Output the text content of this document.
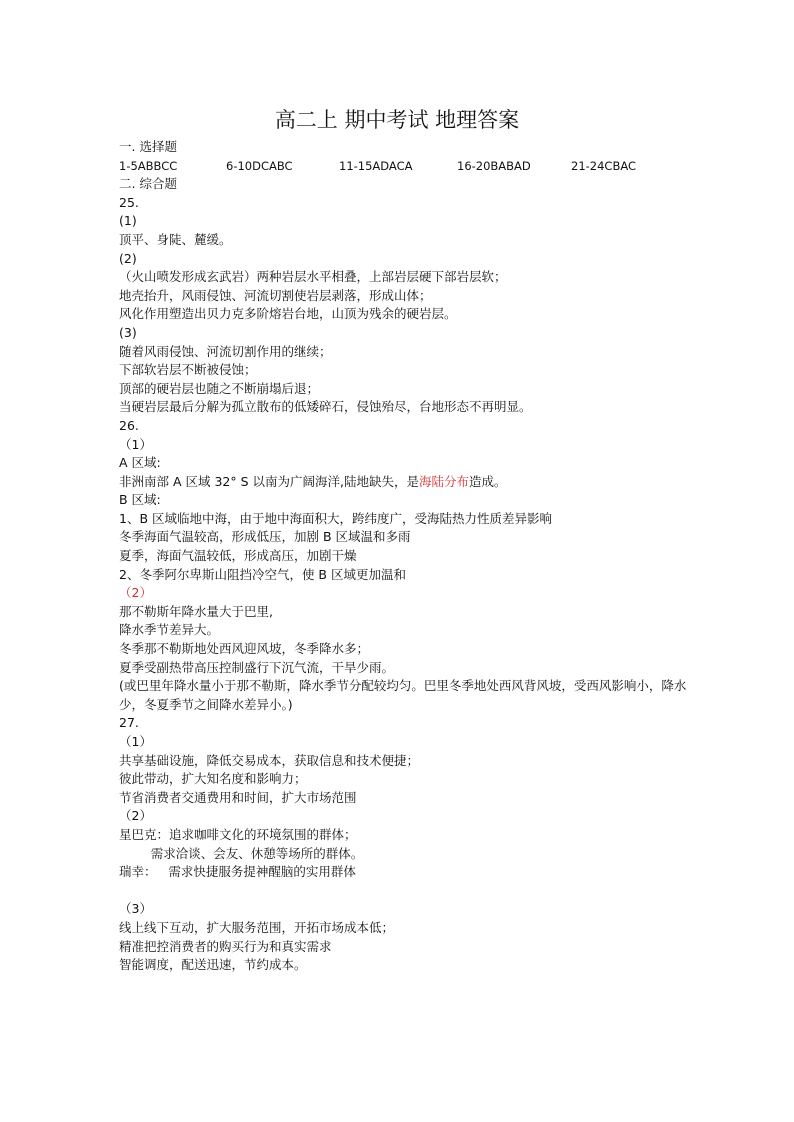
高二上 期中考试 地理答案
一. 选择题
1-5ABBCC	6-10DCABC	11-15ADACA	16-20BABAD	21-24CBAC
二. 综合题
25.
(1)
顶平、身陡、麓缓。
(2)
（火山喷发形成玄武岩）两种岩层水平相叠，上部岩层硬下部岩层软；
地壳抬升，风雨侵蚀、河流切割使岩层剥落，形成山体；
风化作用塑造出贝力克多阶熔岩台地，山顶为残余的硬岩层。
(3)
随着风雨侵蚀、河流切割作用的继续；
下部软岩层不断被侵蚀；
顶部的硬岩层也随之不断崩塌后退；
当硬岩层最后分解为孤立散布的低矮碎石，侵蚀殆尽，台地形态不再明显。
26.
（1）
A 区域:
非洲南部 A 区域 32° S 以南为广阔海洋,陆地缺失，是海陆分布造成。
B 区域:
1、B 区域临地中海，由于地中海面积大，跨纬度广，受海陆热力性质差异影响
冬季海面气温较高，形成低压，加剧 B 区域温和多雨
夏季，海面气温较低，形成高压，加剧干燥
2、冬季阿尔卑斯山阻挡冷空气，使 B 区域更加温和
（2）
那不勒斯年降水量大于巴里,
降水季节差异大。
冬季那不勒斯地处西风迎风坡，冬季降水多；
夏季受副热带高压控制盛行下沉气流，干旱少雨。
(或巴里年降水量小于那不勒斯，降水季节分配较均匀。巴里冬季地处西风背风坡，受西风影响小，降水少，冬夏季节之间降水差异小。)
27.
（1）
共享基础设施，降低交易成本，获取信息和技术便捷；
彼此带动，扩大知名度和影响力；
节省消费者交通费用和时间，扩大市场范围
（2）
星巴克：追求咖啡文化的环境氛围的群体；
需求洽谈、会友、休憩等场所的群体。
瑞幸：   需求快捷服务提神醒脑的实用群体
（3）
线上线下互动，扩大服务范围，开拓市场成本低；
精准把控消费者的购买行为和真实需求
智能调度，配送迅速，节约成本。
